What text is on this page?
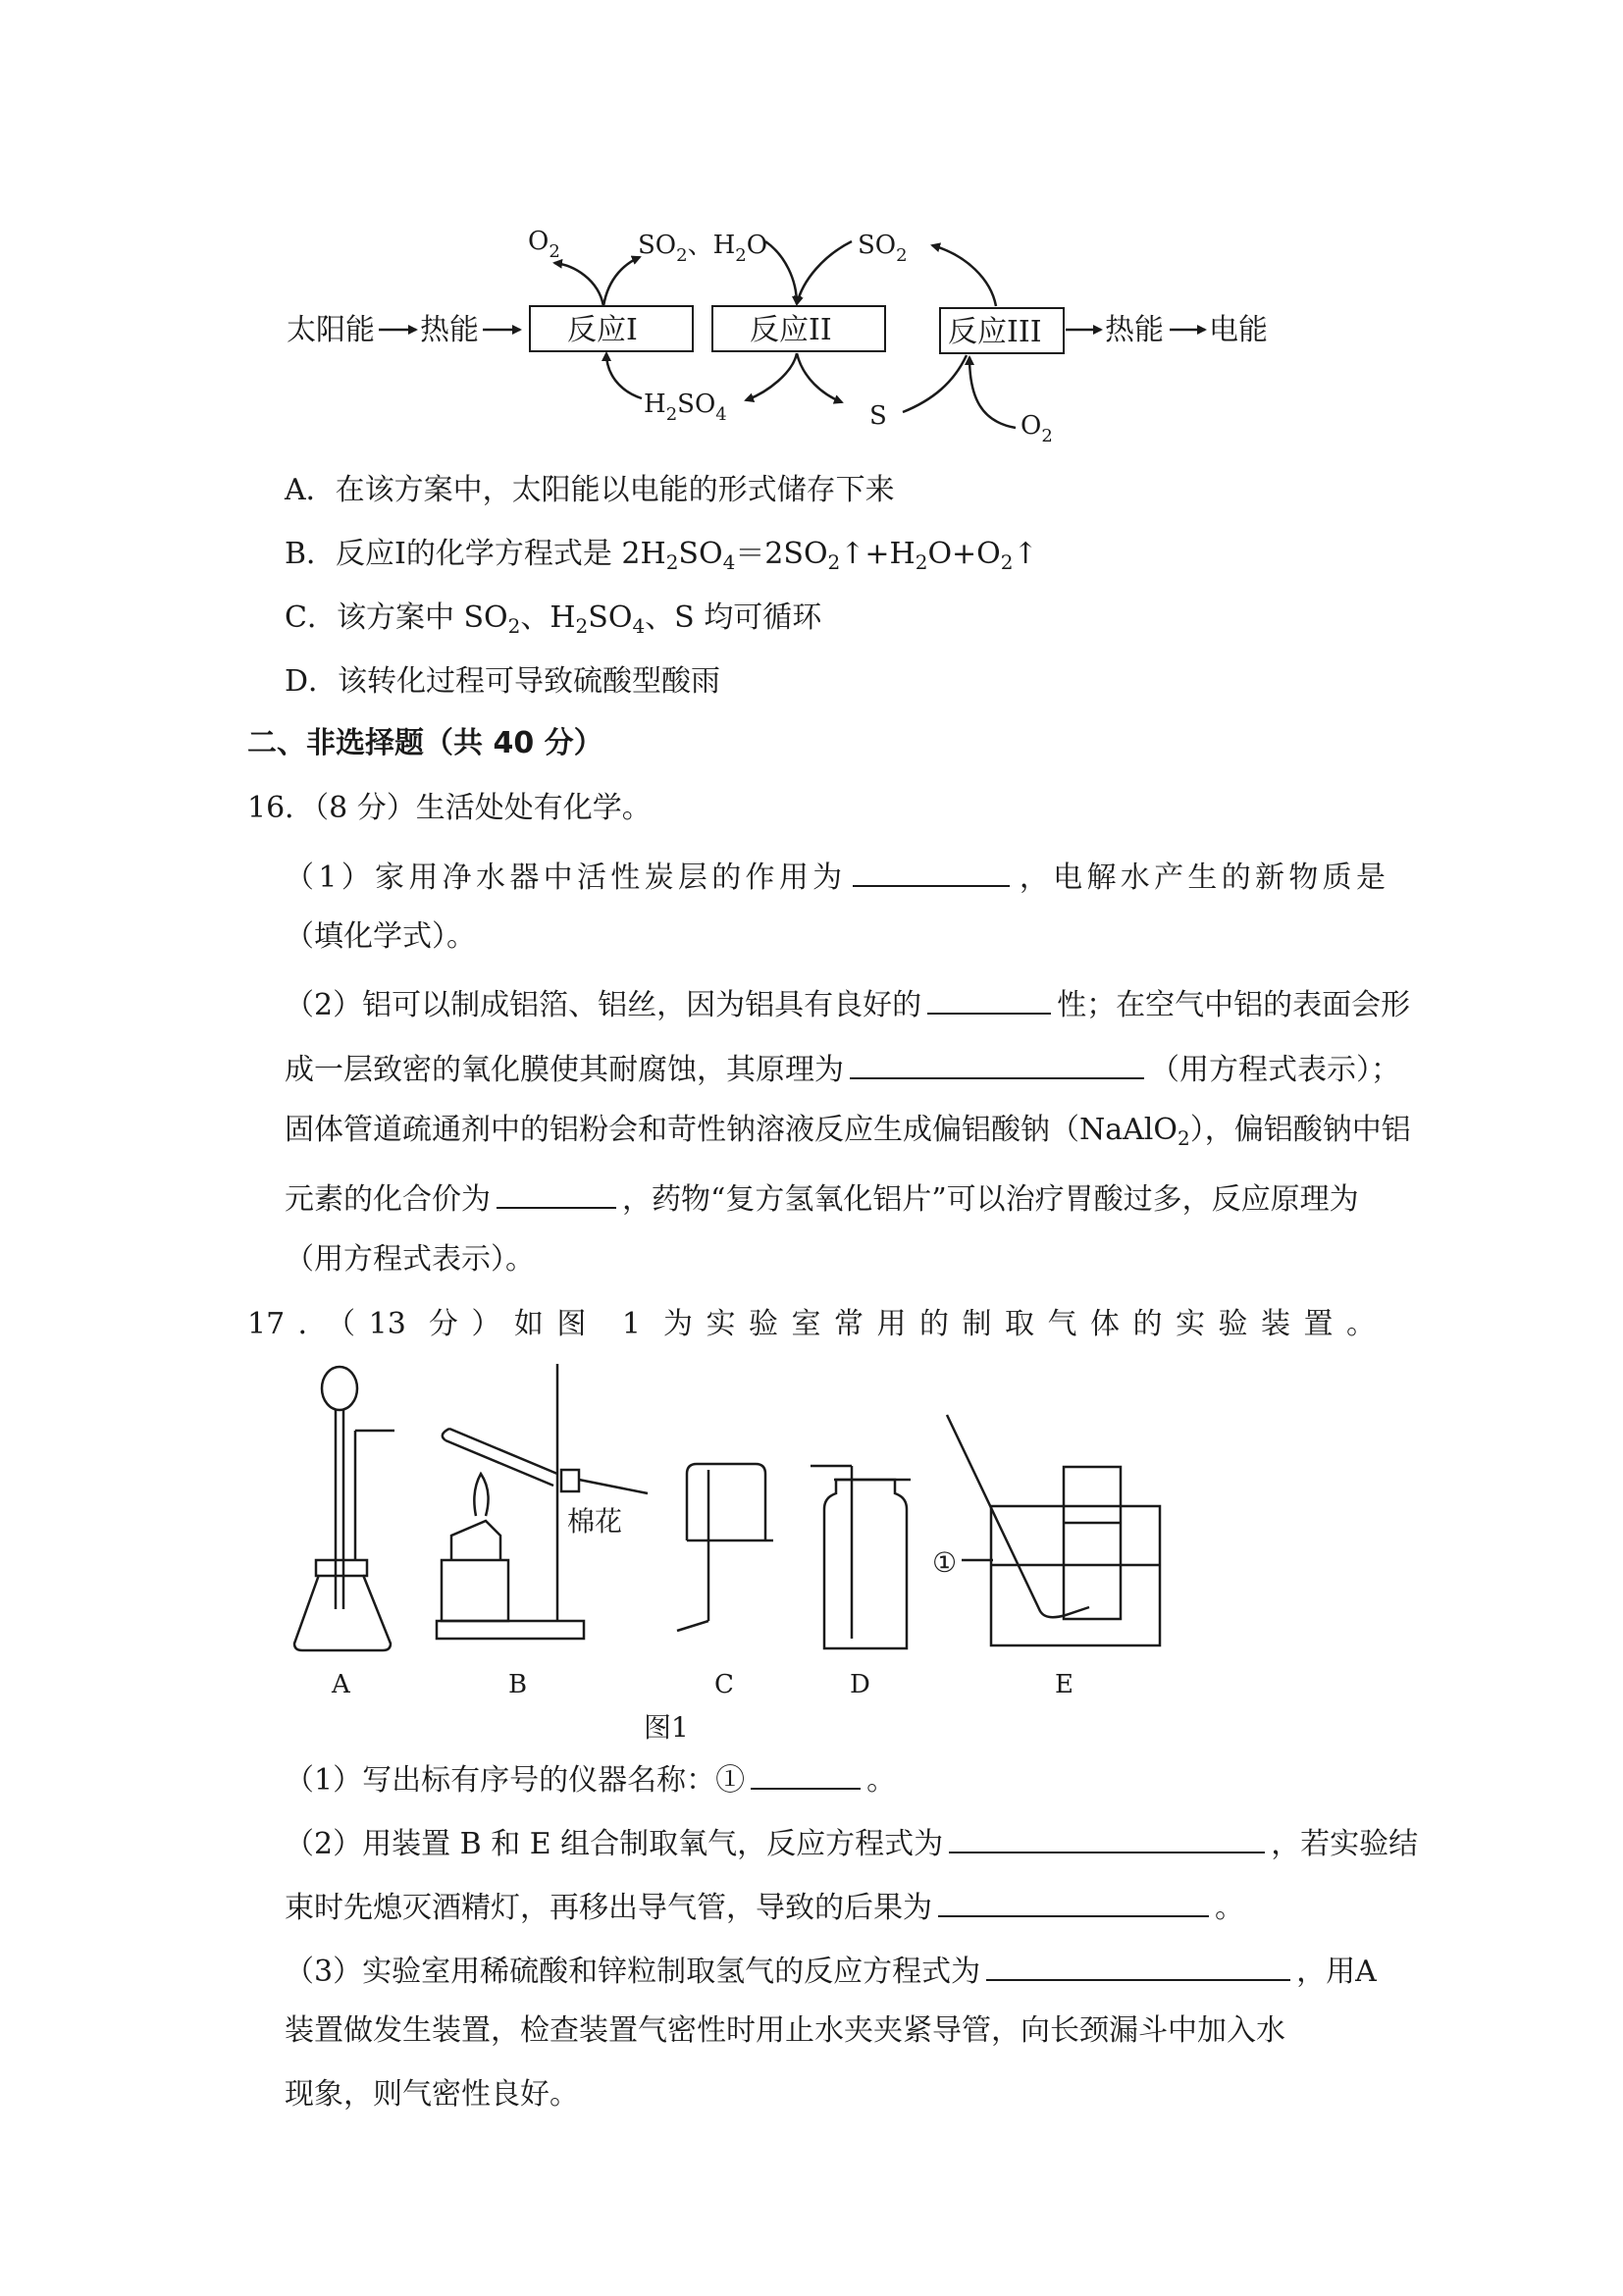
太阳能 热能	反应I	反应II	反应III 热能 电能
$O_2$	$SO_2$、$H_2O$	$SO_2$
$H_2SO_4$	S	$O_2$
A．在该方案中，太阳能以电能的形式储存下来
B．反应Ⅰ的化学方程式是 $2H_2SO_4=2SO_2↑+H_2O+O_2↑$
C．该方案中 $SO_2$、$H_2SO_4$、S 均可循环
D．该转化过程可导致硫酸型酸雨
二、非选择题（共 40 分）
16．（8 分）生活处处有化学。
（1）家用净水器中活性炭层的作用为	，电解水产生的新物质是
（填化学式）。
（2）铝可以制成铝箔、铝丝，因为铝具有良好的	性；在空气中铝的表面会形
成一层致密的氧化膜使其耐腐蚀，其原理为	（用方程式表示）；
固体管道疏通剂中的铝粉会和苛性钠溶液反应生成偏铝酸钠（NaAlO$_2$），偏铝酸钠中铝
元素的化合价为	，药物“复方氢氧化铝片”可以治疗胃酸过多，反应原理为
（用方程式表示）。
17．（13 分）如图 1 为实验室常用的制取气体的实验装置。
棉花
①
A	B	C	D	E
图1
（1）写出标有序号的仪器名称：①	。
（2）用装置 B 和 E 组合制取氧气，反应方程式为	，若实验结
束时先熄灭酒精灯，再移出导气管，导致的后果为	。
（3）实验室用稀硫酸和锌粒制取氢气的反应方程式为	，用A
装置做发生装置，检查装置气密性时用止水夹夹紧导管，向长颈漏斗中加入水
现象，则气密性良好。
